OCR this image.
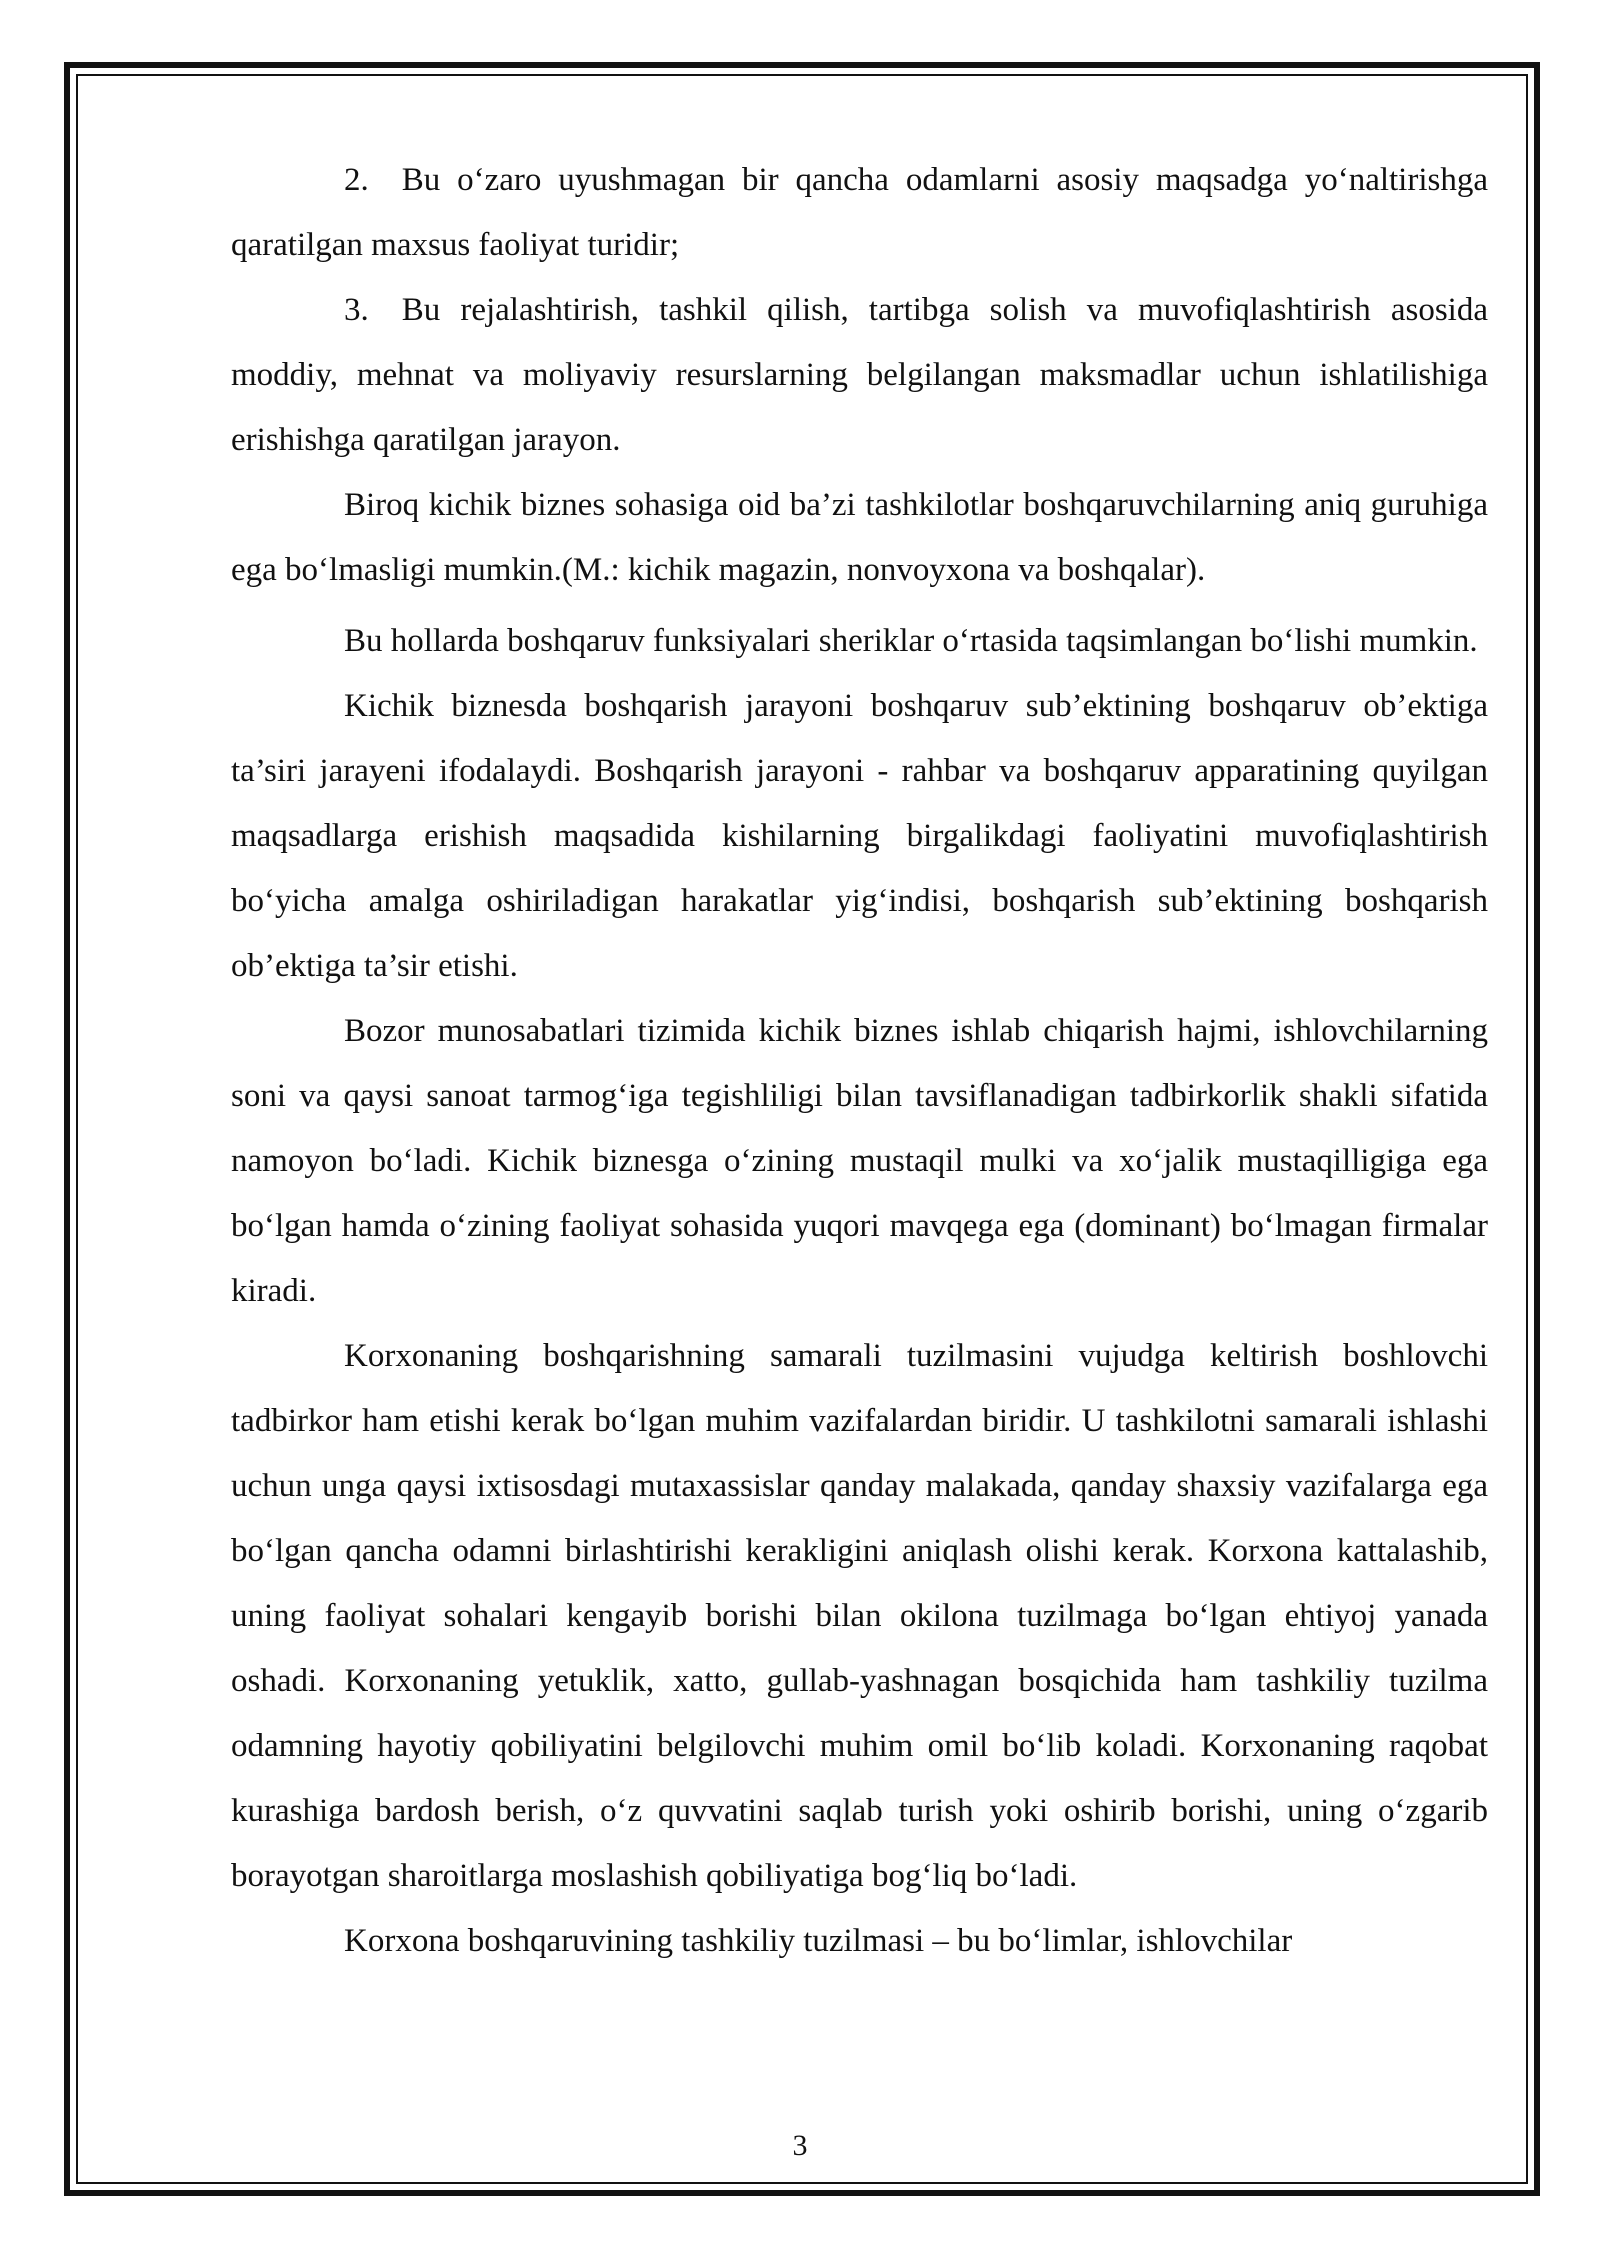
2. Bu o‘zaro uyushmagan bir qancha odamlarni asosiy maqsadga yo‘naltirishga qaratilgan maxsus faoliyat turidir;

3. Bu rejalashtirish, tashkil qilish, tartibga solish va muvofiqlashtirish asosida moddiy, mehnat va moliyaviy resurslarning belgilangan maksmadlar uchun ishlatilishiga erishishga qaratilgan jarayon.

Biroq kichik biznes sohasiga oid ba’zi tashkilotlar boshqaruvchilarning aniq guruhiga ega bo‘lmasligi mumkin.(M.: kichik magazin, nonvoyxona va boshqalar).

Bu hollarda boshqaruv funksiyalari sheriklar o‘rtasida taqsimlangan bo‘lishi mumkin.

Kichik biznesda boshqarish jarayoni boshqaruv sub’ektining boshqaruv ob’ektiga ta’siri jarayeni ifodalaydi. Boshqarish jarayoni - rahbar va boshqaruv apparatining quyilgan maqsadlarga erishish maqsadida kishilarning birgalikdagi faoliyatini muvofiqlashtirish bo‘yicha amalga oshiriladigan harakatlar yig‘indisi, boshqarish sub’ektining boshqarish ob’ektiga ta’sir etishi.

Bozor munosabatlari tizimida kichik biznes ishlab chiqarish hajmi, ishlovchilarning soni va qaysi sanoat tarmog‘iga tegishliligi bilan tavsiflanadigan tadbirkorlik shakli sifatida namoyon bo‘ladi. Kichik biznesga o‘zining mustaqil mulki va xo‘jalik mustaqilligiga ega bo‘lgan hamda o‘zining faoliyat sohasida yuqori mavqega ega (dominant) bo‘lmagan firmalar kiradi.

Korxonaning boshqarishning samarali tuzilmasini vujudga keltirish boshlovchi tadbirkor ham etishi kerak bo‘lgan muhim vazifalardan biridir. U tashkilotni samarali ishlashi uchun unga qaysi ixtisosdagi mutaxassislar qanday malakada, qanday shaxsiy vazifalarga ega bo‘lgan qancha odamni birlashtirishi kerakligini aniqlash olishi kerak. Korxona kattalashib, uning faoliyat sohalari kengayib borishi bilan okilona tuzilmaga bo‘lgan ehtiyoj yanada oshadi. Korxonaning yetuklik, xatto, gullab-yashnagan bosqichida ham tashkiliy tuzilma odamning hayotiy qobiliyatini belgilovchi muhim omil bo‘lib koladi. Korxonaning raqobat kurashiga bardosh berish, o‘z quvvatini saqlab turish yoki oshirib borishi, uning o‘zgarib borayotgan sharoitlarga moslashish qobiliyatiga bog‘liq bo‘ladi.

Korxona boshqaruvining tashkiliy tuzilmasi – bu bo‘limlar, ishlovchilar

3
